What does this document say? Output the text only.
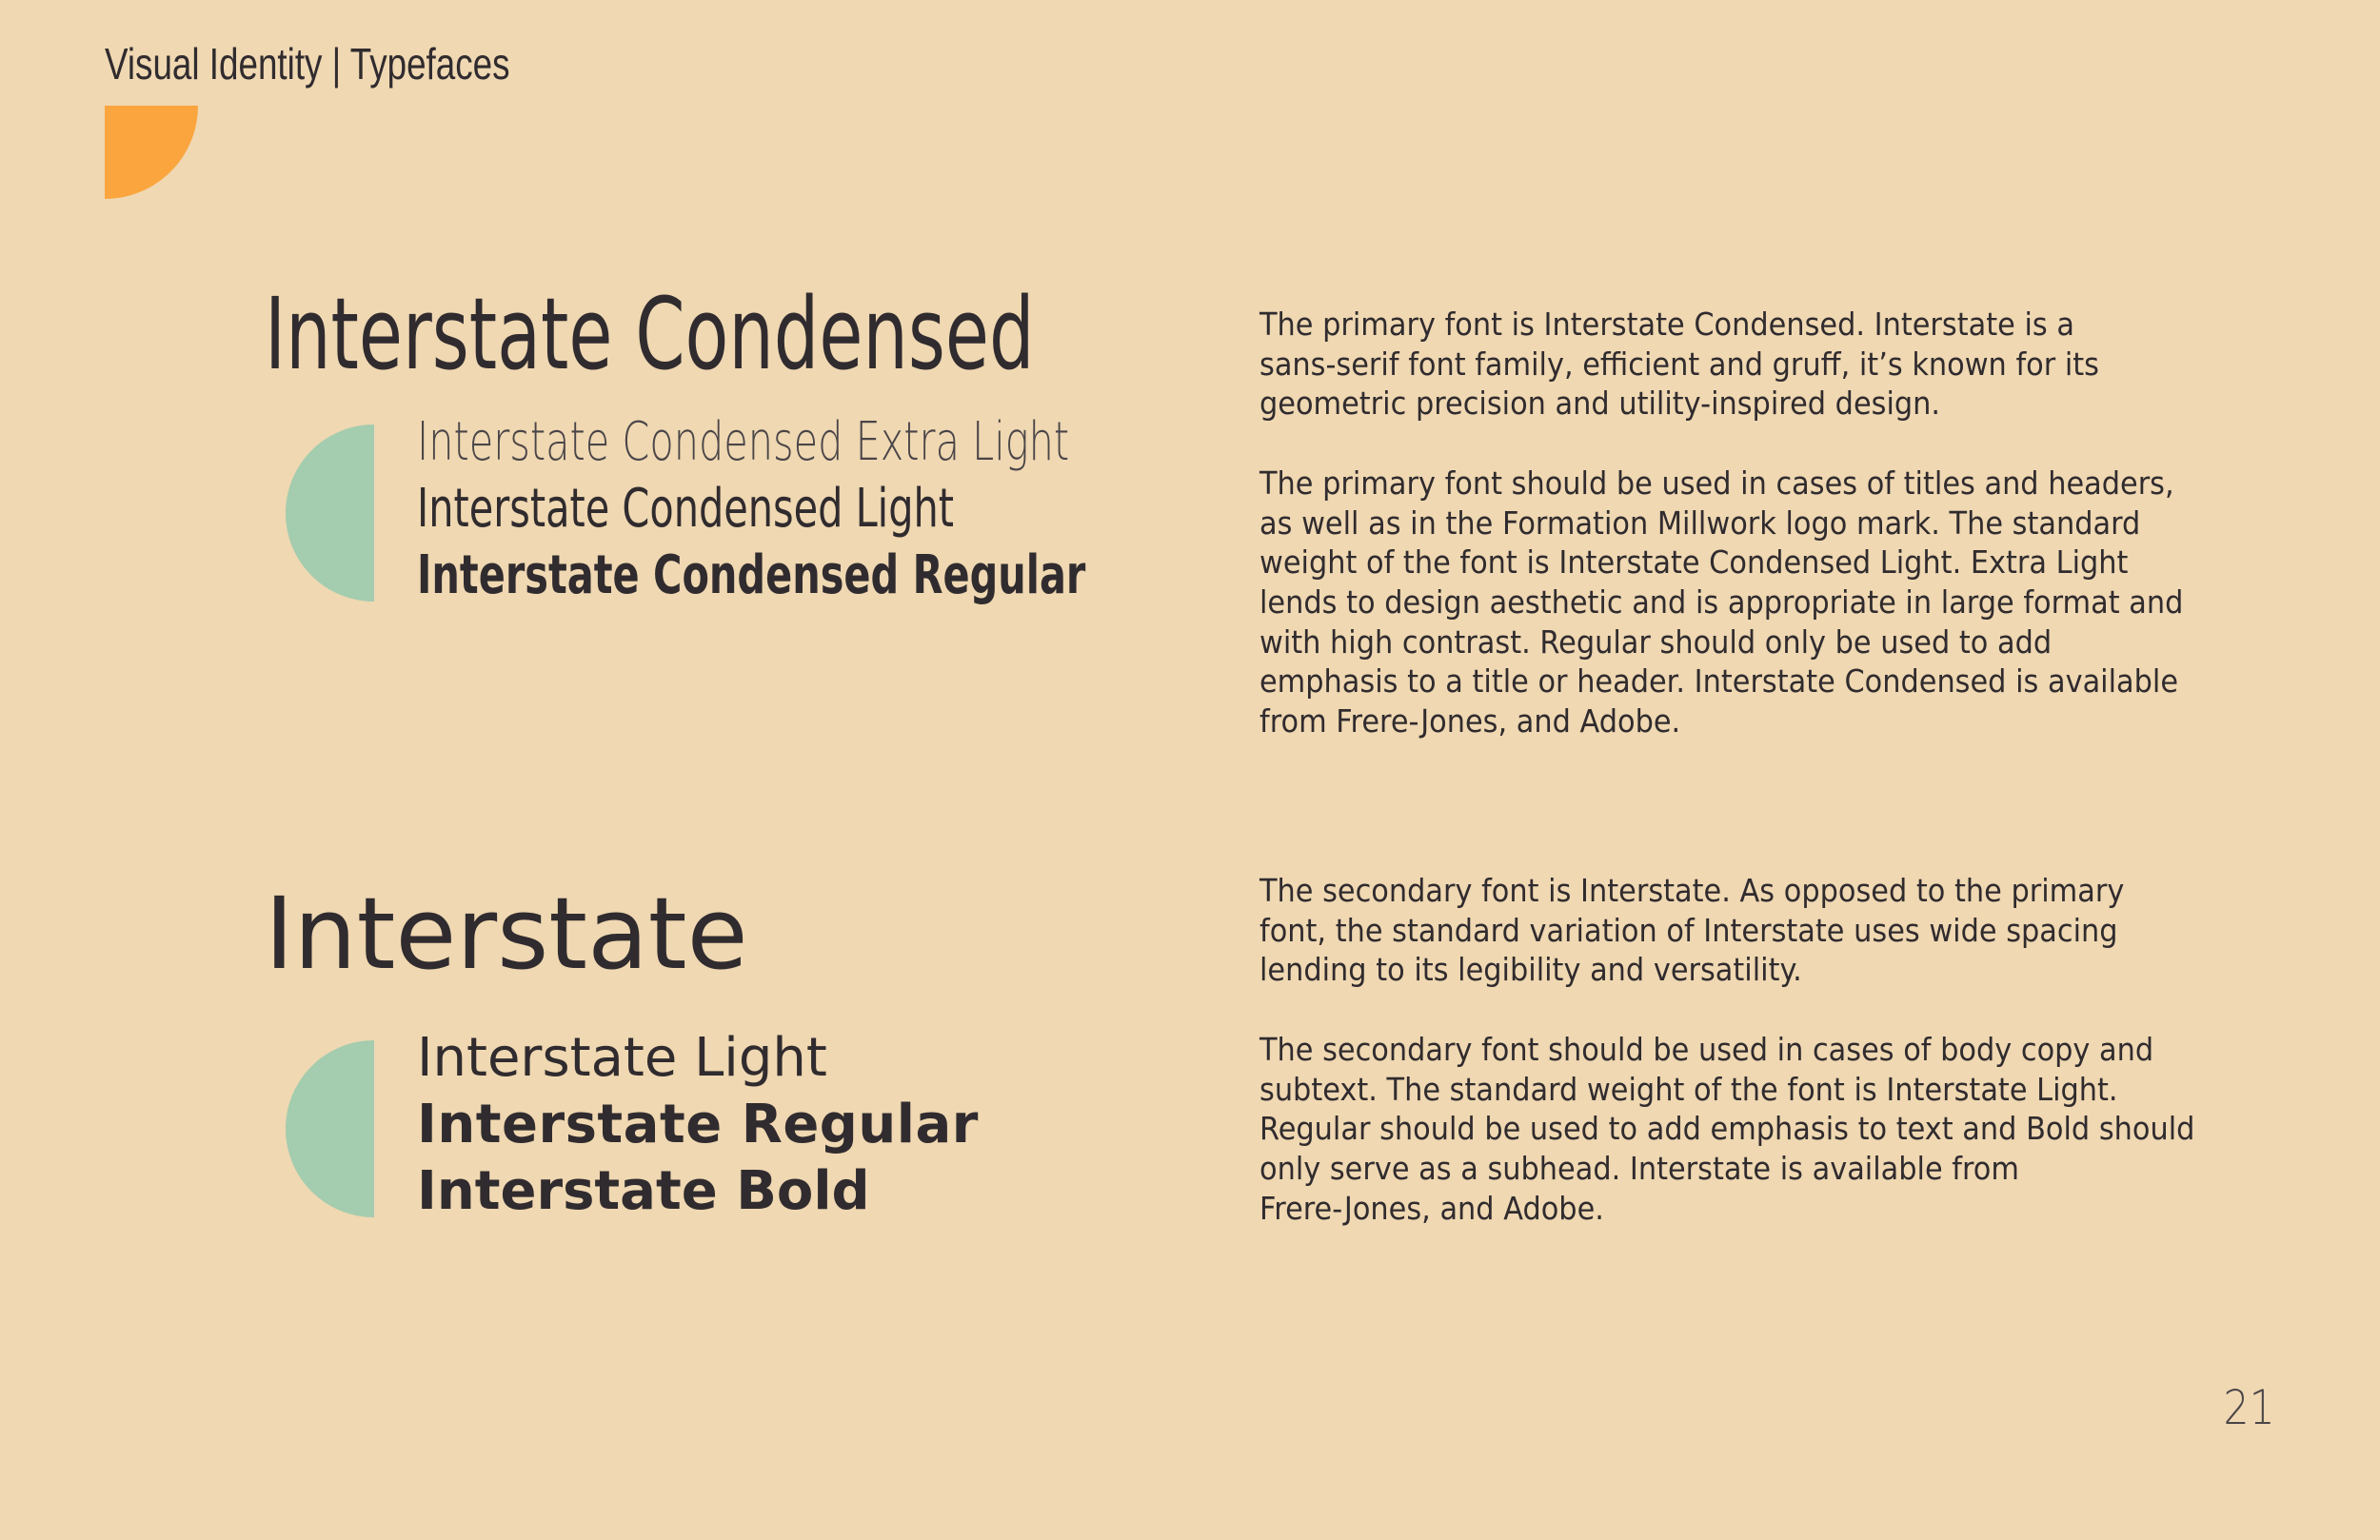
Visual Identity | Typefaces
Interstate Condensed
Interstate Condensed Extra Light
Interstate Condensed Light
Interstate Condensed Regular

The primary font is Interstate Condensed. Interstate is a
sans-serif font family, efficient and gruff, it’s known for its
geometric precision and utility-inspired design.

The primary font should be used in cases of titles and headers,
as well as in the Formation Millwork logo mark. The standard
weight of the font is Interstate Condensed Light. Extra Light
lends to design aesthetic and is appropriate in large format and
with high contrast. Regular should only be used to add
emphasis to a title or header. Interstate Condensed is available
from Frere-Jones, and Adobe.

Interstate
Interstate Light
Interstate Regular
Interstate Bold

The secondary font is Interstate. As opposed to the primary
font, the standard variation of Interstate uses wide spacing
lending to its legibility and versatility.

The secondary font should be used in cases of body copy and
subtext. The standard weight of the font is Interstate Light.
Regular should be used to add emphasis to text and Bold should
only serve as a subhead. Interstate is available from
Frere-Jones, and Adobe.

21
